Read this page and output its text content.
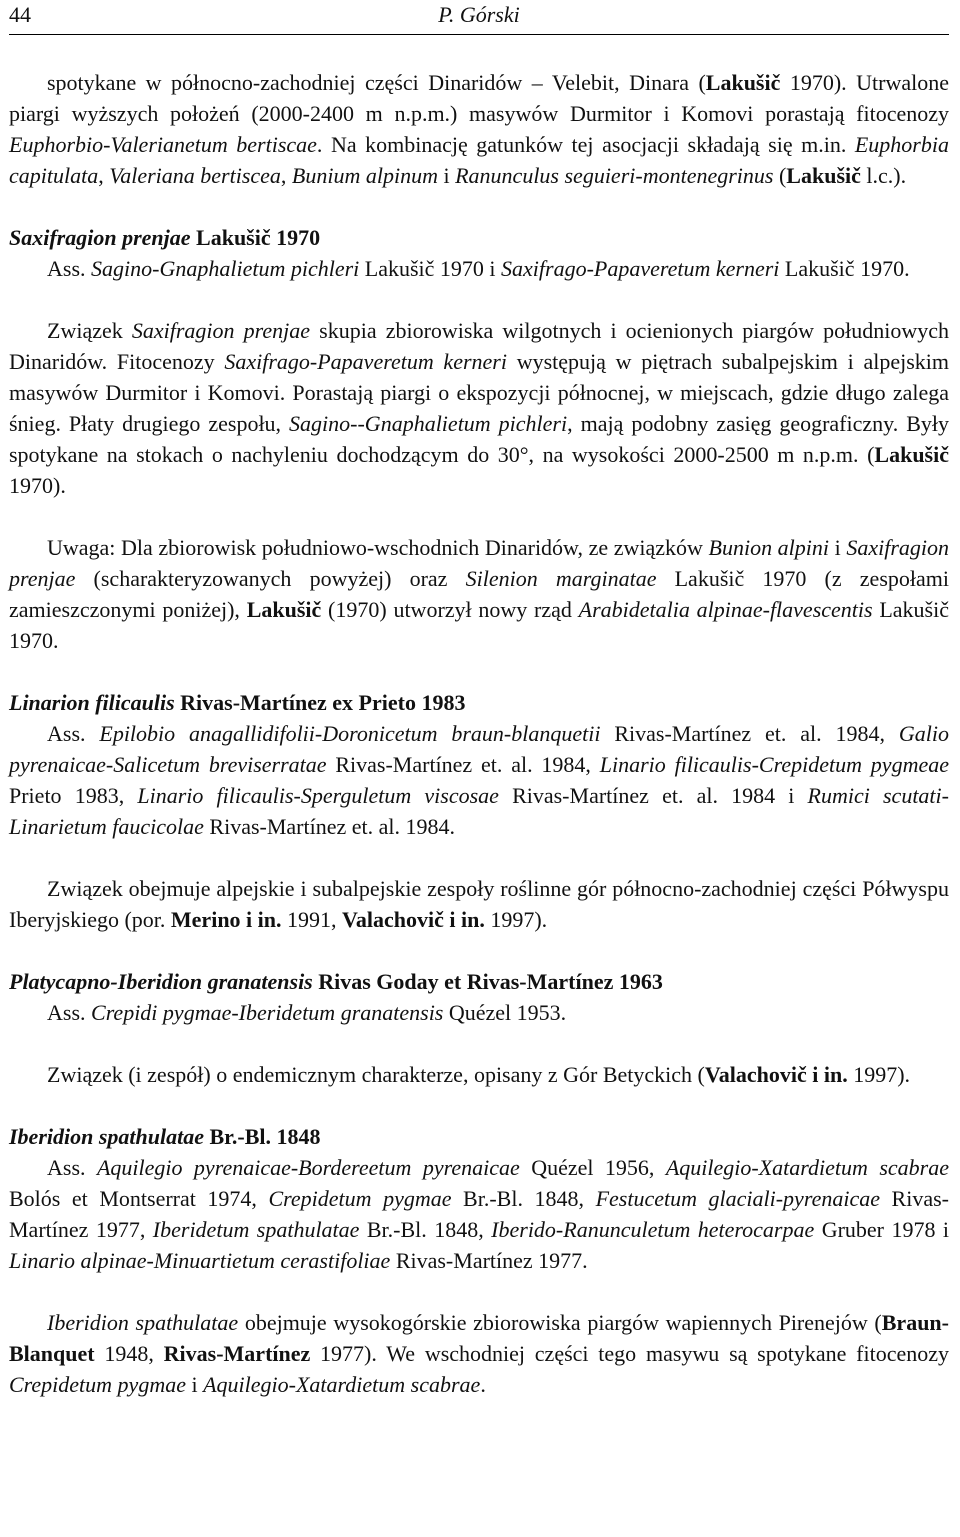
44	P. Górski

spotykane w północno-zachodniej części Dinaridów – Velebit, Dinara (Lakušič 1970). Utrwalone piargi wyższych położeń (2000-2400 m n.p.m.) masywów Durmitor i Komovi porastają fitocenozy Euphorbio-Valerianetum bertiscae. Na kombinację gatunków tej asocjacji składają się m.in. Euphorbia capitulata, Valeriana bertiscea, Bunium alpinum i Ranunculus seguieri-montenegrinus (Lakušič l.c.).

Saxifragion prenjae Lakušič 1970

Ass. Sagino-Gnaphalietum pichleri Lakušič 1970 i Saxifrago-Papaveretum kerneri Lakušič 1970.

Związek Saxifragion prenjae skupia zbiorowiska wilgotnych i ocienionych piargów południowych Dinaridów. Fitocenozy Saxifrago-Papaveretum kerneri występują w piętrach subalpejskim i alpejskim masywów Durmitor i Komovi. Porastają piargi o ekspozycji północnej, w miejscach, gdzie długo zalega śnieg. Płaty drugiego zespołu, Sagino--Gnaphalietum pichleri, mają podobny zasięg geograficzny. Były spotykane na stokach o nachyleniu dochodzącym do 30°, na wysokości 2000-2500 m n.p.m. (Lakušič 1970).

Uwaga: Dla zbiorowisk południowo-wschodnich Dinaridów, ze związków Bunion alpini i Saxifragion prenjae (scharakteryzowanych powyżej) oraz Silenion marginatae Lakušič 1970 (z zespołami zamieszczonymi poniżej), Lakušič (1970) utworzył nowy rząd Arabidetalia alpinae-flavescentis Lakušič 1970.

Linarion filicaulis Rivas-Martínez ex Prieto 1983

Ass. Epilobio anagallidifolii-Doronicetum braun-blanquetii Rivas-Martínez et. al. 1984, Galio pyrenaicae-Salicetum breviserratae Rivas-Martínez et. al. 1984, Linario filicaulis-Crepidetum pygmeae Prieto 1983, Linario filicaulis-Sperguletum viscosae Rivas-Martínez et. al. 1984 i Rumici scutati-Linarietum faucicolae Rivas-Martínez et. al. 1984.

Związek obejmuje alpejskie i subalpejskie zespoły roślinne gór północno-zachodniej części Półwyspu Iberyjskiego (por. Merino i in. 1991, Valachovič i in. 1997).

Platycapno-Iberidion granatensis Rivas Goday et Rivas-Martínez 1963

Ass. Crepidi pygmae-Iberidetum granatensis Quézel 1953.

Związek (i zespół) o endemicznym charakterze, opisany z Gór Betyckich (Valachovič i in. 1997).

Iberidion spathulatae Br.-Bl. 1848

Ass. Aquilegio pyrenaicae-Bordereetum pyrenaicae Quézel 1956, Aquilegio-Xatardietum scabrae Bolós et Montserrat 1974, Crepidetum pygmae Br.-Bl. 1848, Festucetum glaciali-pyrenaicae Rivas-Martínez 1977, Iberidetum spathulatae Br.-Bl. 1848, Iberido-Ranunculetum heterocarpae Gruber 1978 i Linario alpinae-Minuartietum cerastifoliae Rivas-Martínez 1977.

Iberidion spathulatae obejmuje wysokogórskie zbiorowiska piargów wapiennych Pirenejów (Braun-Blanquet 1948, Rivas-Martínez 1977). We wschodniej części tego masywu są spotykane fitocenozy Crepidetum pygmae i Aquilegio-Xatardietum scabrae.
